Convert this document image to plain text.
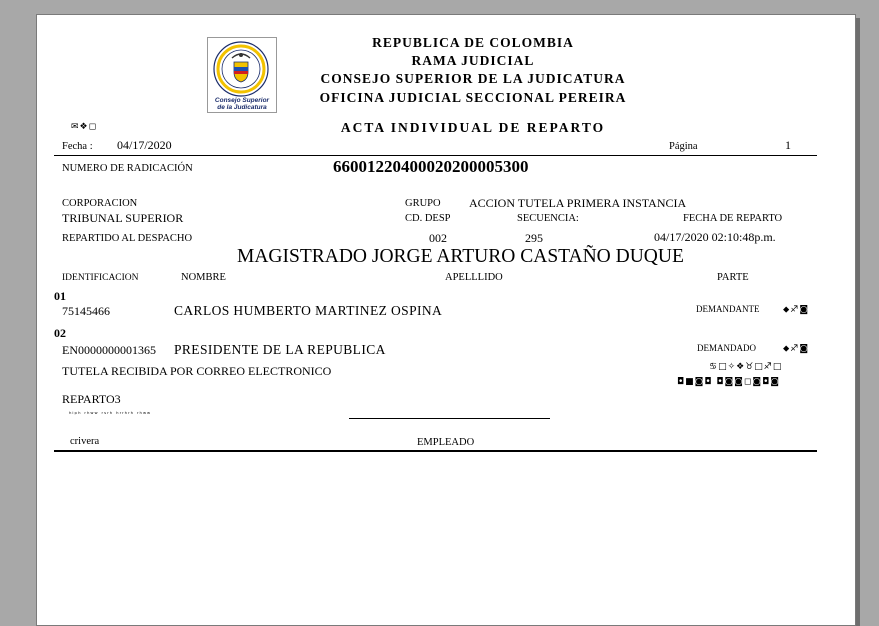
Consejo Superior
de la Judicatura
REPUBLICA DE COLOMBIA
RAMA JUDICIAL
CONSEJO SUPERIOR DE LA JUDICATURA
OFICINA JUDICIAL SECCIONAL PEREIRA
✉❖◻	ACTA INDIVIDUAL DE REPARTO
Fecha : 04/17/2020	Página	1
NUMERO DE RADICACIÓN	66001220400020200005300
CORPORACION
TRIBUNAL SUPERIOR
GRUPO ACCION TUTELA PRIMERA INSTANCIA
CD. DESP	SECUENCIA:	FECHA DE REPARTO
REPARTIDO AL DESPACHO	002	295	04/17/2020 02:10:48p.m.
MAGISTRADO JORGE ARTURO CASTAÑO DUQUE
IDENTIFICACION	NOMBRE	APELLLIDO	PARTE
01
75145466	CARLOS HUMBERTO MARTINEZ OSPINA	DEMANDANTE	⬥♐◙
02
EN0000000001365 PRESIDENTE DE LA REPUBLICA	DEMANDADO	⬥♐◙
TUTELA RECIBIDA POR CORREO ELECTRONICO	♋□✧❖♉□♐□
◘■◙◘ ◘◙◙◻◙◘◙
REPARTO3
ʰⁱᵖʰ ʳʰʷʷ ʳˢʳʰ ʰʳʳʰʳʰ ʳʰʷʷ
crivera	EMPLEADO
